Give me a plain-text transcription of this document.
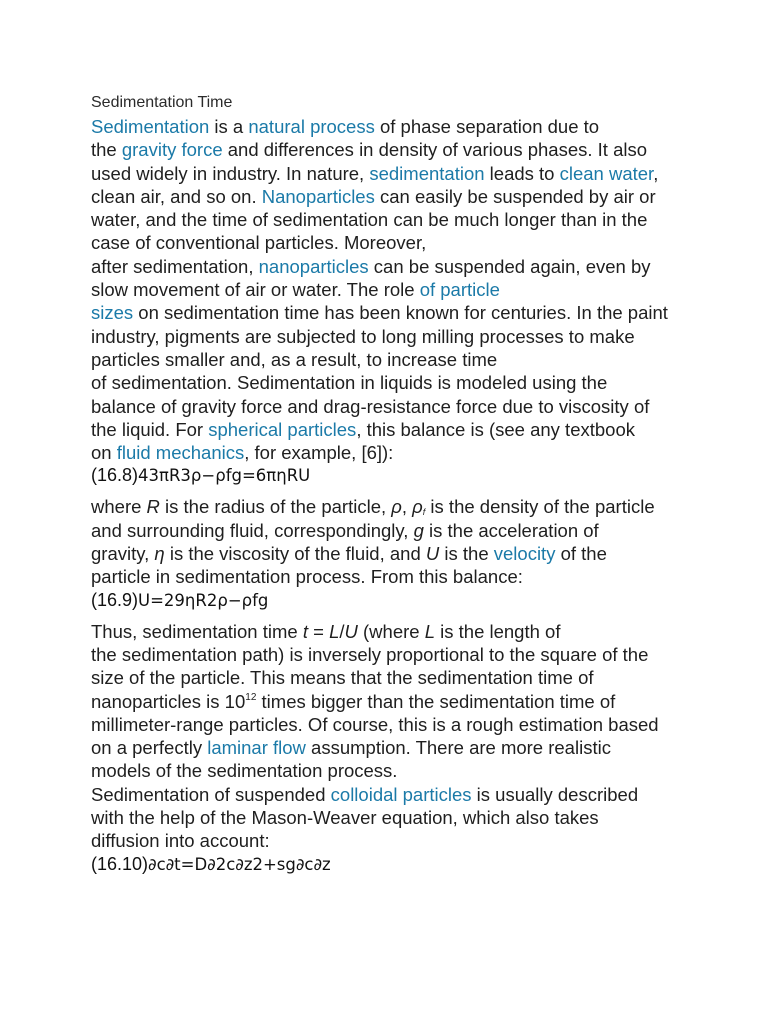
Sedimentation Time

Sedimentation is a natural process of phase separation due to
the gravity force and differences in density of various phases. It also
used widely in industry. In nature, sedimentation leads to clean water,
clean air, and so on. Nanoparticles can easily be suspended by air or
water, and the time of sedimentation can be much longer than in the
case of conventional particles. Moreover,
after sedimentation, nanoparticles can be suspended again, even by
slow movement of air or water. The role of particle
sizes on sedimentation time has been known for centuries. In the paint
industry, pigments are subjected to long milling processes to make
particles smaller and, as a result, to increase time
of sedimentation. Sedimentation in liquids is modeled using the
balance of gravity force and drag-resistance force due to viscosity of
the liquid. For spherical particles, this balance is (see any textbook
on fluid mechanics, for example, [6]):

(16.8)43πR3ρ−ρfg=6πηRU

where R is the radius of the particle, ρ, $\rho_f$ is the density of the particle
and surrounding fluid, correspondingly, g is the acceleration of
gravity, η is the viscosity of the fluid, and U is the velocity of the
particle in sedimentation process. From this balance:

(16.9)U=29ηR2ρ−ρfg

Thus, sedimentation time t = L/U (where L is the length of
the sedimentation path) is inversely proportional to the square of the
size of the particle. This means that the sedimentation time of
nanoparticles is $10^{12}$ times bigger than the sedimentation time of
millimeter-range particles. Of course, this is a rough estimation based
on a perfectly laminar flow assumption. There are more realistic
models of the sedimentation process.
Sedimentation of suspended colloidal particles is usually described
with the help of the Mason-Weaver equation, which also takes
diffusion into account:

(16.10)∂c∂t=D∂2c∂z2+sg∂c∂z
